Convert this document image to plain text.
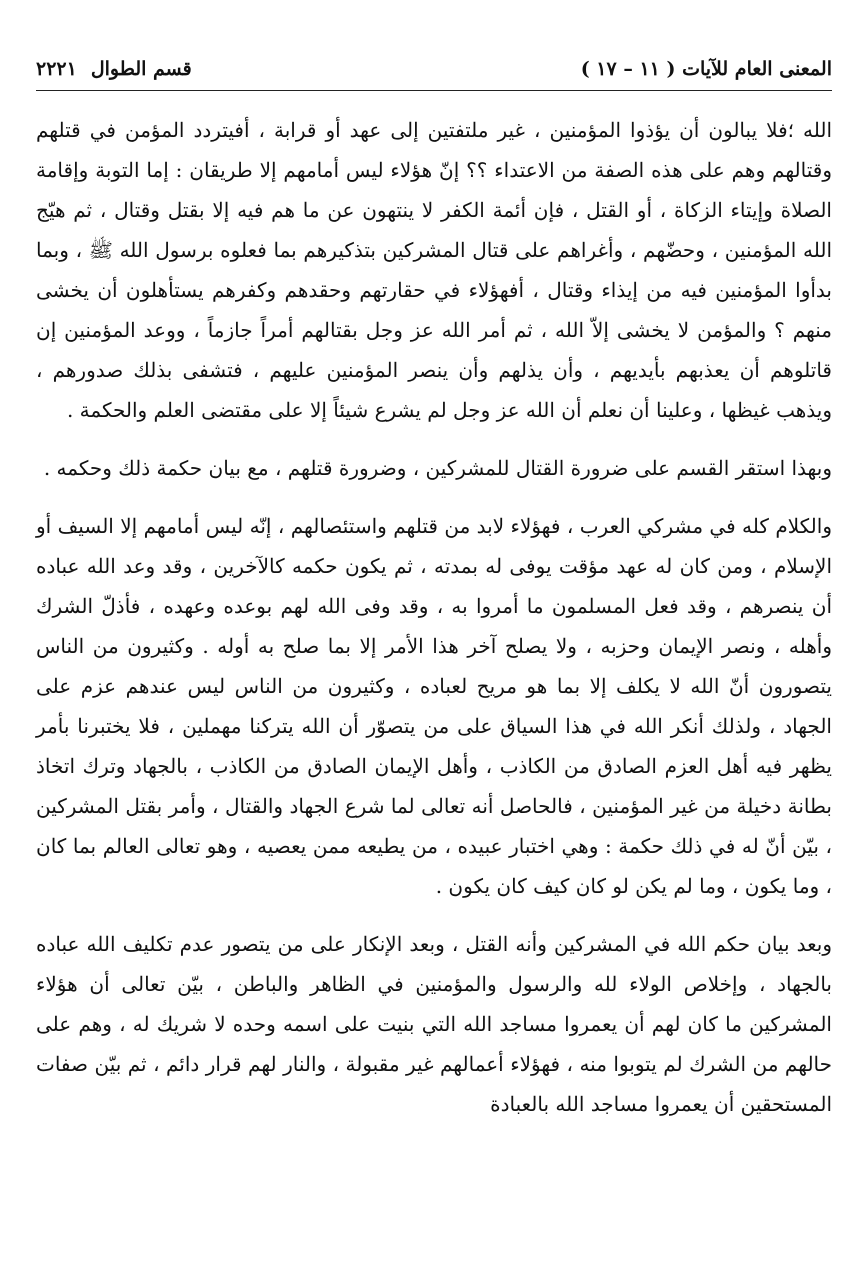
المعنى العام للآيات ( ١١ – ١٧ )
قسم الطوال٢٢٢١

الله ؛فلا يبالون أن يؤذوا المؤمنين ، غير ملتفتين إلى عهد أو قرابة ، أفيتردد المؤمن في قتلهم وقتالهم وهم على هذه الصفة من الاعتداء ؟؟ إنّ هؤلاء ليس أمامهم إلا طريقان : إما التوبة وإقامة الصلاة وإيتاء الزكاة ، أو القتل ، فإن أئمة الكفر لا ينتهون عن ما هم فيه إلا بقتل وقتال ، ثم هيّج الله المؤمنين ، وحضّهم ، وأغراهم على قتال المشركين بتذكيرهم بما فعلوه برسول الله ﷺ ، وبما بدأوا المؤمنين فيه من إيذاء وقتال ، أفهؤلاء في حقارتهم وحقدهم وكفرهم يستأهلون أن يخشى منهم ؟ والمؤمن لا يخشى إلاّ الله ، ثم أمر الله عز وجل بقتالهم أمراً جازماً ، ووعد المؤمنين إن قاتلوهم أن يعذبهم بأيديهم ، وأن يذلهم وأن ينصر المؤمنين عليهم ، فتشفى بذلك صدورهم ، ويذهب غيظها ، وعلينا أن نعلم أن الله عز وجل لم يشرع شيئاً إلا على مقتضى العلم والحكمة .

وبهذا استقر القسم على ضرورة القتال للمشركين ، وضرورة قتلهم ، مع بيان حكمة ذلك وحكمه .

والكلام كله في مشركي العرب ، فهؤلاء لابد من قتلهم واستئصالهم ، إنّه ليس أمامهم إلا السيف أو الإسلام ، ومن كان له عهد مؤقت يوفى له بمدته ، ثم يكون حكمه كالآخرين ، وقد وعد الله عباده أن ينصرهم ، وقد فعل المسلمون ما أمروا به ، وقد وفى الله لهم بوعده وعهده ، فأذلّ الشرك وأهله ، ونصر الإيمان وحزبه ، ولا يصلح آخر هذا الأمر إلا بما صلح به أوله . وكثيرون من الناس يتصورون أنّ الله لا يكلف إلا بما هو مريح لعباده ، وكثيرون من الناس ليس عندهم عزم على الجهاد ، ولذلك أنكر الله في هذا السياق على من يتصوّر أن الله يتركنا مهملين ، فلا يختبرنا بأمر يظهر فيه أهل العزم الصادق من الكاذب ، وأهل الإيمان الصادق من الكاذب ، بالجهاد وترك اتخاذ بطانة دخيلة من غير المؤمنين ، فالحاصل أنه تعالى لما شرع الجهاد والقتال ، وأمر بقتل المشركين ، بيّن أنّ له في ذلك حكمة : وهي اختبار عبيده ، من يطيعه ممن يعصيه ، وهو تعالى العالم بما كان ، وما يكون ، وما لم يكن لو كان كيف كان يكون .

وبعد بيان حكم الله في المشركين وأنه القتل ، وبعد الإنكار على من يتصور عدم تكليف الله عباده بالجهاد ، وإخلاص الولاء لله والرسول والمؤمنين في الظاهر والباطن ، بيّن تعالى أن هؤلاء المشركين ما كان لهم أن يعمروا مساجد الله التي بنيت على اسمه وحده لا شريك له ، وهم على حالهم من الشرك لم يتوبوا منه ، فهؤلاء أعمالهم غير مقبولة ، والنار لهم قرار دائم ، ثم بيّن صفات المستحقين أن يعمروا مساجد الله بالعبادة
